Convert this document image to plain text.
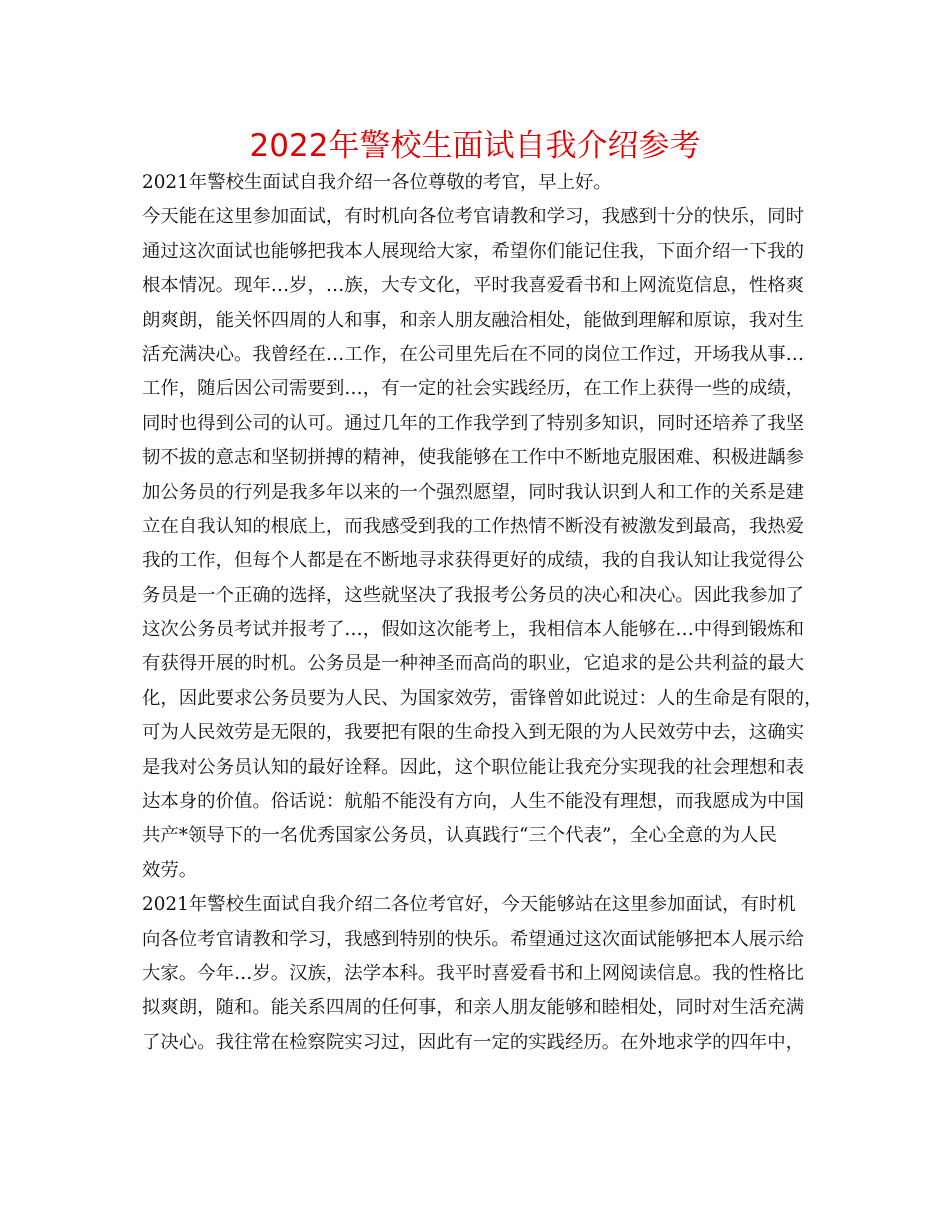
2022年警校生面试自我介绍参考
2021年警校生面试自我介绍一各位尊敬的考官，早上好。
今天能在这里参加面试，有时机向各位考官请教和学习，我感到十分的快乐，同时
通过这次面试也能够把我本人展现给大家，希望你们能记住我，下面介绍一下我的
根本情况。现年…岁，…族，大专文化，平时我喜爱看书和上网流览信息，性格爽
朗爽朗，能关怀四周的人和事，和亲人朋友融洽相处，能做到理解和原谅，我对生
活充满决心。我曾经在…工作，在公司里先后在不同的岗位工作过，开场我从事…
工作，随后因公司需要到…，有一定的社会实践经历，在工作上获得一些的成绩，
同时也得到公司的认可。通过几年的工作我学到了特别多知识，同时还培养了我坚
韧不拔的意志和坚韧拼搏的精神，使我能够在工作中不断地克服困难、积极进龋参
加公务员的行列是我多年以来的一个强烈愿望，同时我认识到人和工作的关系是建
立在自我认知的根底上，而我感受到我的工作热情不断没有被激发到最高，我热爱
我的工作，但每个人都是在不断地寻求获得更好的成绩，我的自我认知让我觉得公
务员是一个正确的选择，这些就坚决了我报考公务员的决心和决心。因此我参加了
这次公务员考试并报考了…，假如这次能考上，我相信本人能够在…中得到锻炼和
有获得开展的时机。公务员是一种神圣而高尚的职业，它追求的是公共利益的最大
化，因此要求公务员要为人民、为国家效劳，雷锋曾如此说过：人的生命是有限的，
可为人民效劳是无限的，我要把有限的生命投入到无限的为人民效劳中去，这确实
是我对公务员认知的最好诠释。因此，这个职位能让我充分实现我的社会理想和表
达本身的价值。俗话说：航船不能没有方向，人生不能没有理想，而我愿成为中国
共产*领导下的一名优秀国家公务员，认真践行“三个代表”，全心全意的为人民
效劳。
2021年警校生面试自我介绍二各位考官好，今天能够站在这里参加面试，有时机
向各位考官请教和学习，我感到特别的快乐。希望通过这次面试能够把本人展示给
大家。今年…岁。汉族，法学本科。我平时喜爱看书和上网阅读信息。我的性格比
拟爽朗，随和。能关系四周的任何事，和亲人朋友能够和睦相处，同时对生活充满
了决心。我往常在检察院实习过，因此有一定的实践经历。在外地求学的四年中，
